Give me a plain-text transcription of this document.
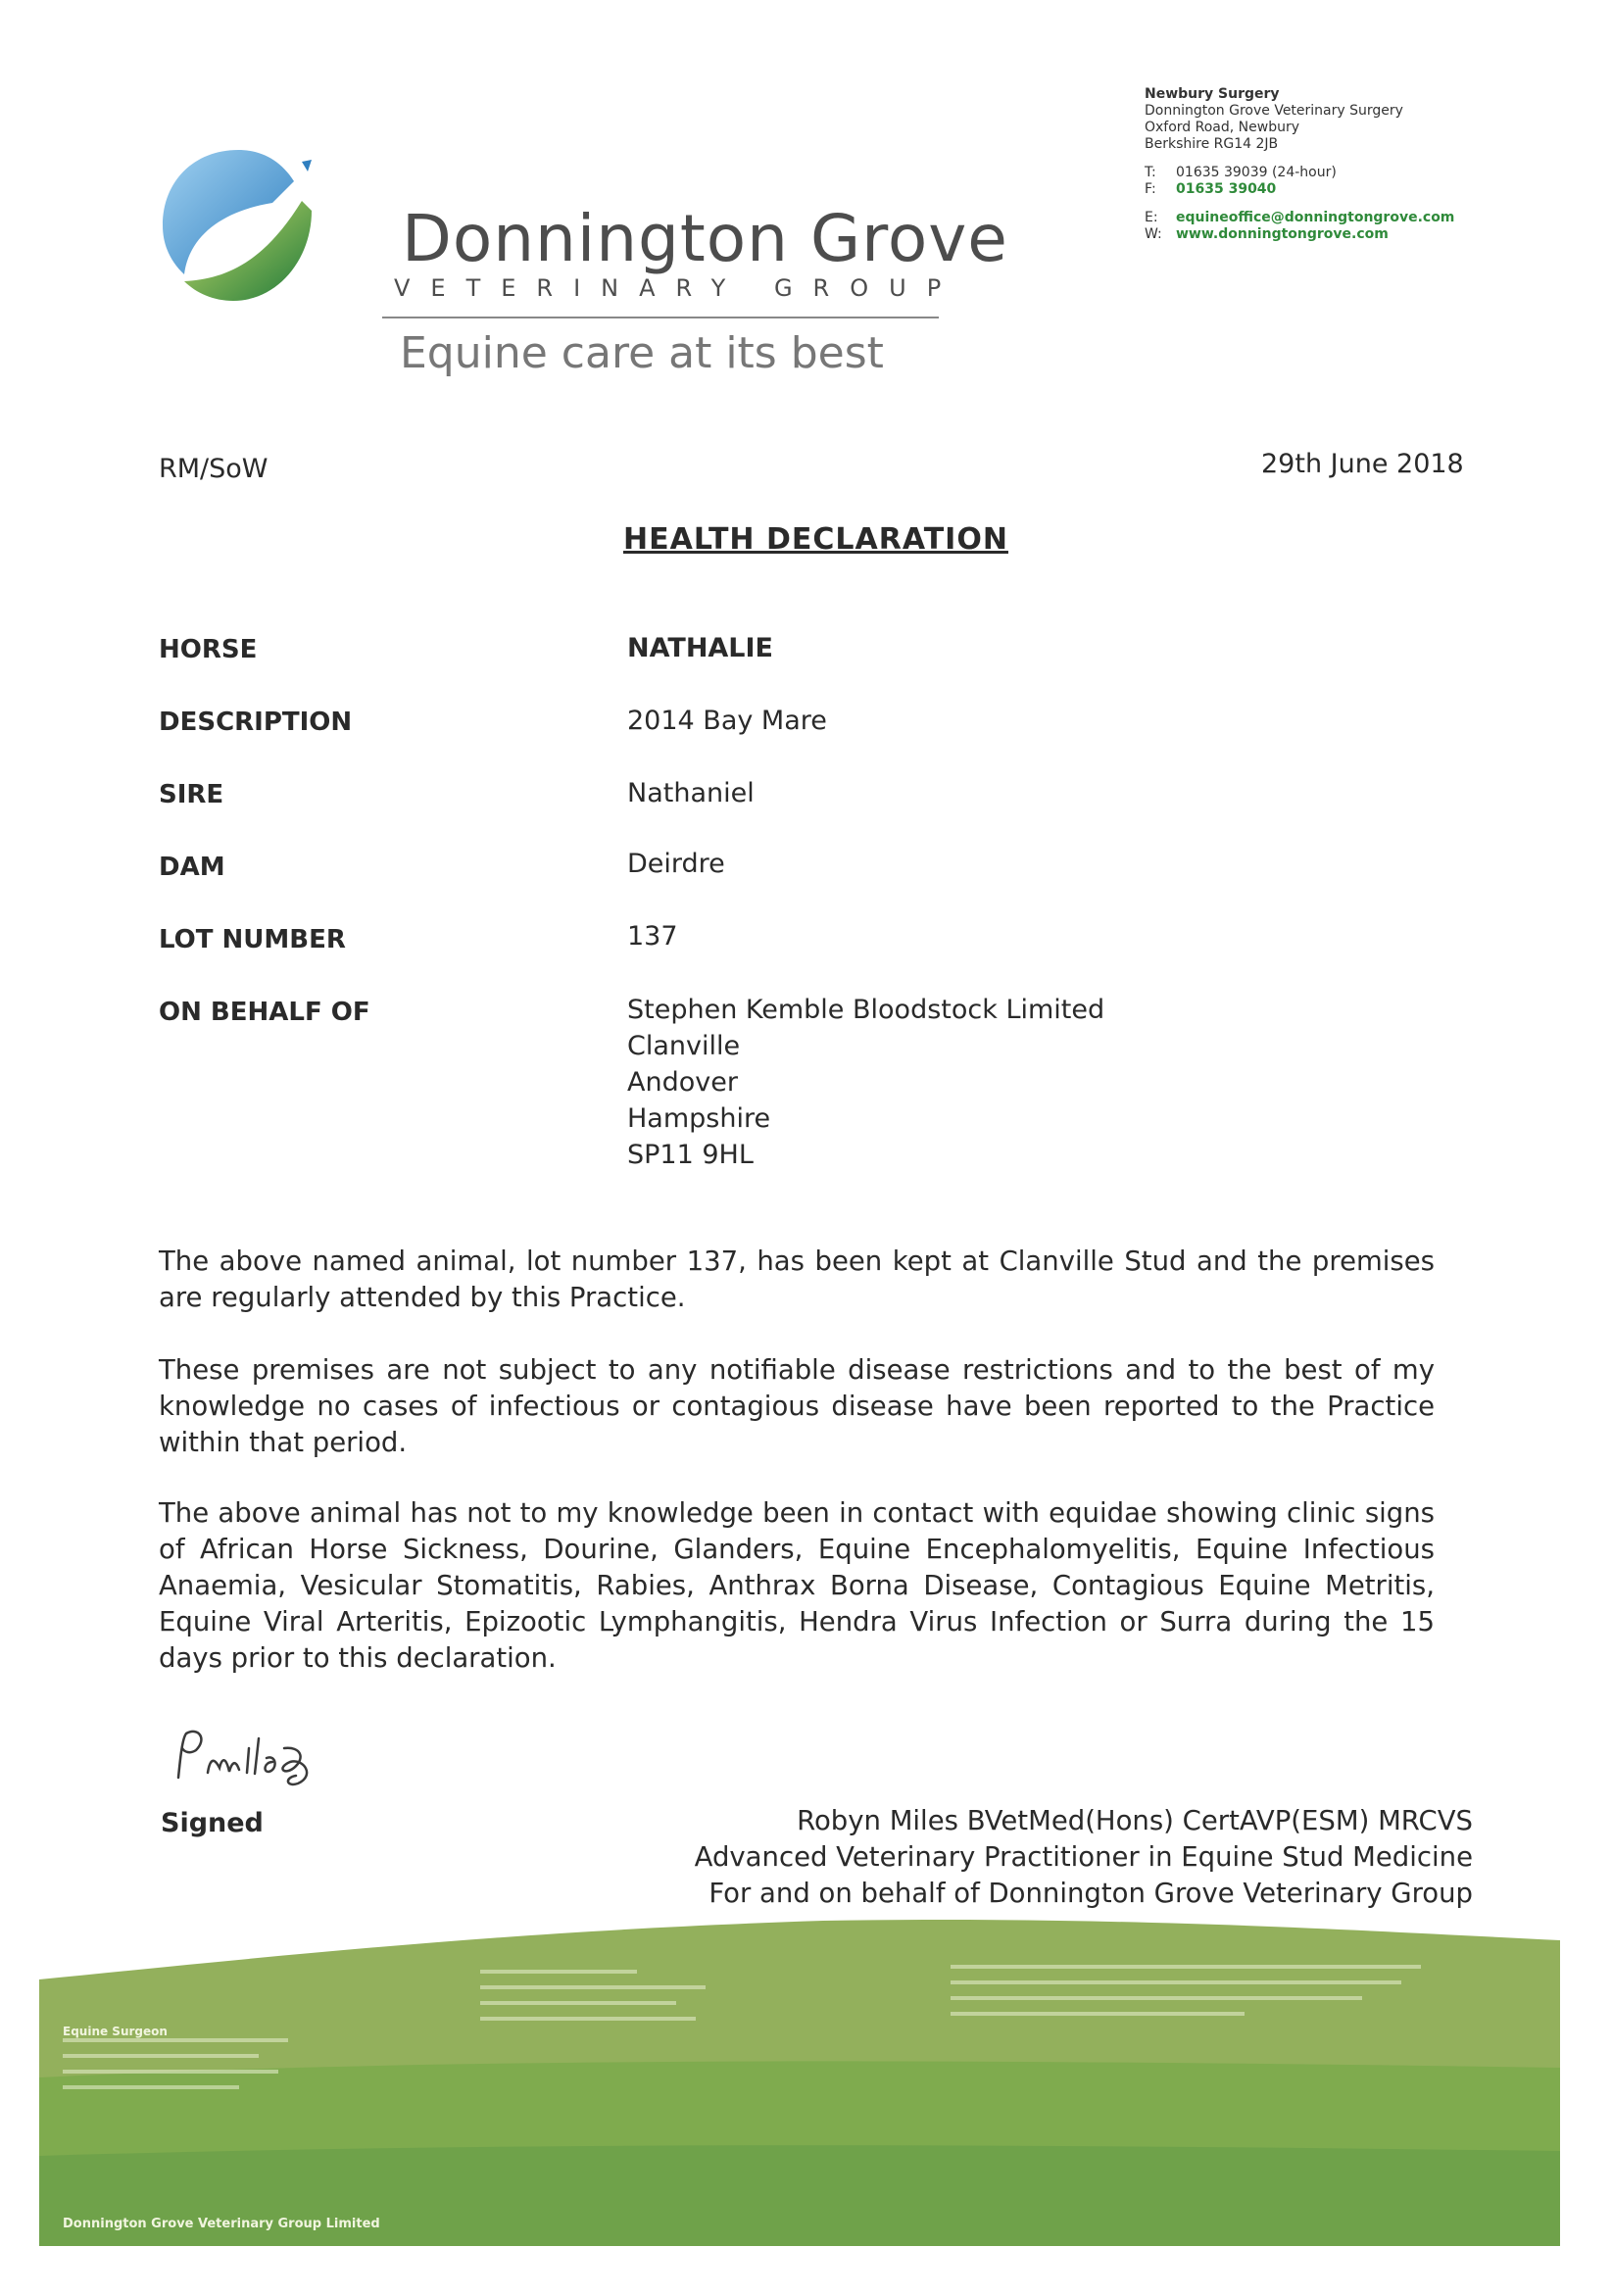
Donnington Grove
VETERINARY GROUP
Equine care at its best
Newbury Surgery
Donnington Grove Veterinary Surgery
Oxford Road, Newbury
Berkshire RG14 2JB
T: 01635 39039 (24-hour)
F: 01635 39040
E: equineoffice@donningtongrove.com
W: www.donningtongrove.com
RM/SoW	29th June 2018
HEALTH DECLARATION
HORSE	NATHALIE
DESCRIPTION	2014 Bay Mare
SIRE	Nathaniel
DAM	Deirdre
LOT NUMBER	137
ON BEHALF OF	Stephen Kemble Bloodstock Limited
Clanville
Andover
Hampshire
SP11 9HL
The above named animal, lot number 137, has been kept at Clanville Stud and the premises are regularly attended by this Practice.
These premises are not subject to any notifiable disease restrictions and to the best of my knowledge no cases of infectious or contagious disease have been reported to the Practice within that period.
The above animal has not to my knowledge been in contact with equidae showing clinic signs of African Horse Sickness, Dourine, Glanders, Equine Encephalomyelitis, Equine Infectious Anaemia, Vesicular Stomatitis, Rabies, Anthrax Borna Disease, Contagious Equine Metritis, Equine Viral Arteritis, Epizootic Lymphangitis, Hendra Virus Infection or Surra during the 15 days prior to this declaration.
Signed	Robyn Miles BVetMed(Hons) CertAVP(ESM) MRCVS
Advanced Veterinary Practitioner in Equine Stud Medicine
For and on behalf of Donnington Grove Veterinary Group
Equine Surgeon
Donnington Grove Veterinary Group Limited
